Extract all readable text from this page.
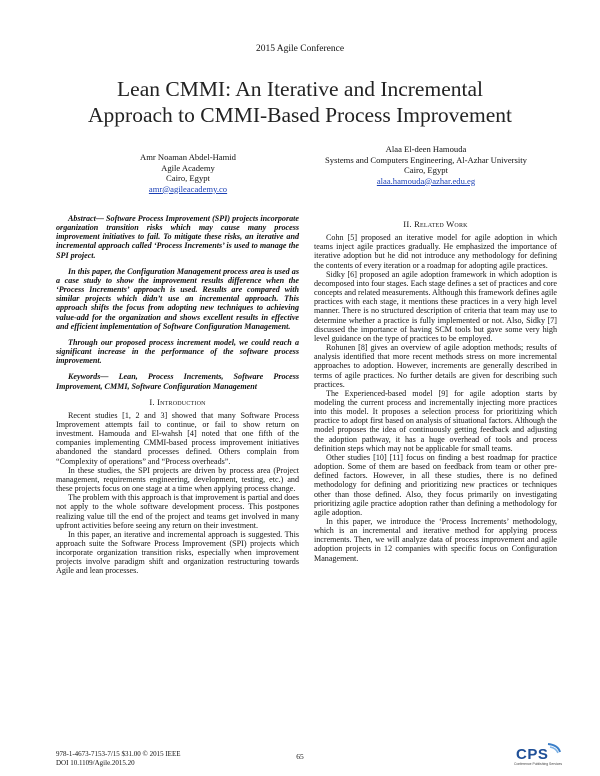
2015 Agile Conference
Lean CMMI: An Iterative and Incremental
Approach to CMMI-Based Process Improvement
Amr Noaman Abdel-Hamid
Agile Academy
Cairo, Egypt
amr@agileacademy.co
Alaa El-deen Hamouda
Systems and Computers Engineering, Al-Azhar University
Cairo, Egypt
alaa.hamouda@azhar.edu.eg

Abstract— Software Process Improvement (SPI) projects incorporate organization transition risks which may cause many process improvement initiatives to fail. To mitigate these risks, an iterative and incremental approach called ‘Process Increments’ is used to manage the SPI project.

In this paper, the Configuration Management process area is used as a case study to show the improvement results difference when the ‘Process Increments’ approach is used. Results are compared with similar projects which didn’t use an incremental approach. This approach shifts the focus from adopting new techniques to achieving value-add for the organization and shows excellent results in effective and efficient implementation of Software Configuration Management.

Through our proposed process increment model, we could reach a significant increase in the performance of the software process improvement.

Keywords— Lean, Process Increments, Software Process Improvement, CMMI, Software Configuration Management

I. Introduction

Recent studies [1, 2 and 3] showed that many Software Process Improvement attempts fail to continue, or fail to show return on investment. Hamouda and El-wahsh [4] noted that one fifth of the companies implementing CMMI-based process improvement initiatives abandoned the standard processes defined. Others complain from “Complexity of operations” and “Process overheads”.

In these studies, the SPI projects are driven by process area (Project management, requirements engineering, development, testing, etc.) and these projects focus on one stage at a time when applying process change.

The problem with this approach is that improvement is partial and does not apply to the whole software development process. This postpones realizing value till the end of the project and teams get involved in many upfront activities before seeing any return on their investment.

In this paper, an iterative and incremental approach is suggested. This approach suite the Software Process Improvement (SPI) projects which incorporate organization transition risks, especially when improvement projects involve paradigm shift and organization restructuring towards Agile and lean processes.

II. Related Work

Cohn [5] proposed an iterative model for agile adoption in which teams inject agile practices gradually. He emphasized the importance of iterative adoption but he did not introduce any methodology for defining the contents of every iteration or a roadmap for adopting agile practices.

Sidky [6] proposed an agile adoption framework in which adoption is decomposed into four stages. Each stage defines a set of practices and core concepts and related measurements. Although this framework defines agile practices with each stage, it mentions these practices in a very high level manner. There is no structured description of criteria that team may use to determine whether a practice is fully implemented or not. Also, Sidky [7] discussed the importance of having SCM tools but gave some very high level guidance on the type of practices to be employed.

Rohunen [8] gives an overview of agile adoption methods; results of analysis identified that more recent methods stress on more incremental approaches to adoption. However, increments are generally described in terms of agile practices. No further details are given for describing such practices.

The Experienced-based model [9] for agile adoption starts by modeling the current process and incrementally injecting more practices into this model. It proposes a selection process for prioritizing which practice to adopt first based on analysis of situational factors. Although the model proposes the idea of continuously getting feedback and adjusting the adoption pathway, it has a huge overhead of tools and process definition steps which may not be applicable for small teams.

Other studies [10] [11] focus on finding a best roadmap for practice adoption. Some of them are based on feedback from team or other pre-defined factors. However, in all these studies, there is no defined methodology for defining and prioritizing new practices or techniques other than those defined. Also, they focus primarily on investigating prioritizing agile practice adoption rather than defining a methodology for agile adoption.

In this paper, we introduce the ‘Process Increments’ methodology, which is an incremental and iterative method for applying process increments. Then, we will analyze data of process improvement and agile adoption projects in 12 companies with specific focus on Configuration Management.

978-1-4673-7153-7/15 $31.00 © 2015 IEEE
DOI 10.1109/Agile.2015.20
65	CPS
Conference Publishing Services
